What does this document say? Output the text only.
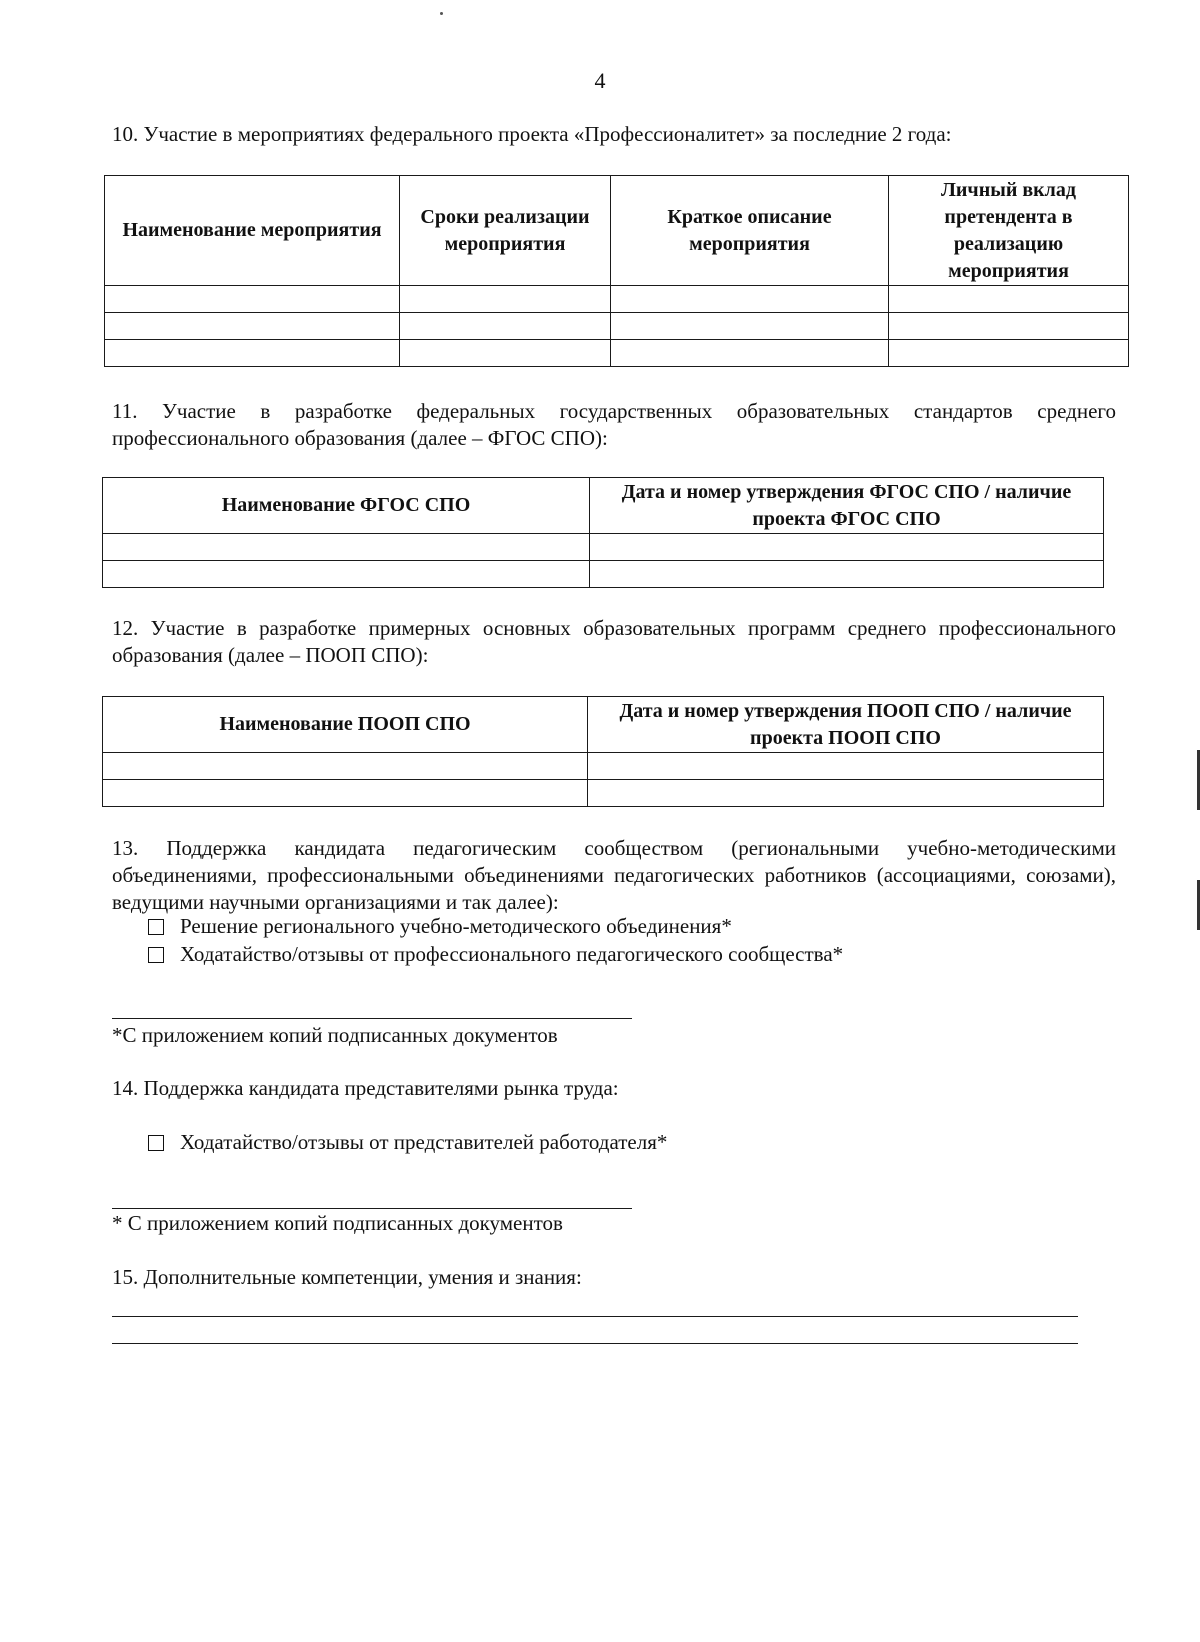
4

10. Участие в мероприятиях федерального проекта «Профессионалитет» за последние 2 года:

Наименование мероприятия	Сроки реализации мероприятия	Краткое описание мероприятия	Личный вклад претендента в реализацию мероприятия

11. Участие в разработке федеральных государственных образовательных стандартов среднего профессионального образования (далее – ФГОС СПО):

Наименование ФГОС СПО	Дата и номер утверждения ФГОС СПО / наличие проекта ФГОС СПО

12. Участие в разработке примерных основных образовательных программ среднего профессионального образования (далее – ПООП СПО):

Наименование ПООП СПО	Дата и номер утверждения ПООП СПО / наличие проекта ПООП СПО

13. Поддержка кандидата педагогическим сообществом (региональными учебно-методическими объединениями, профессиональными объединениями педагогических работников (ассоциациями, союзами), ведущими научными организациями и так далее):

Решение регионального учебно-методического объединения*
Ходатайство/отзывы от профессионального педагогического сообщества*
*С приложением копий подписанных документов

14. Поддержка кандидата представителями рынка труда:

Ходатайство/отзывы от представителей работодателя*
* С приложением копий подписанных документов

15. Дополнительные компетенции, умения и знания:
